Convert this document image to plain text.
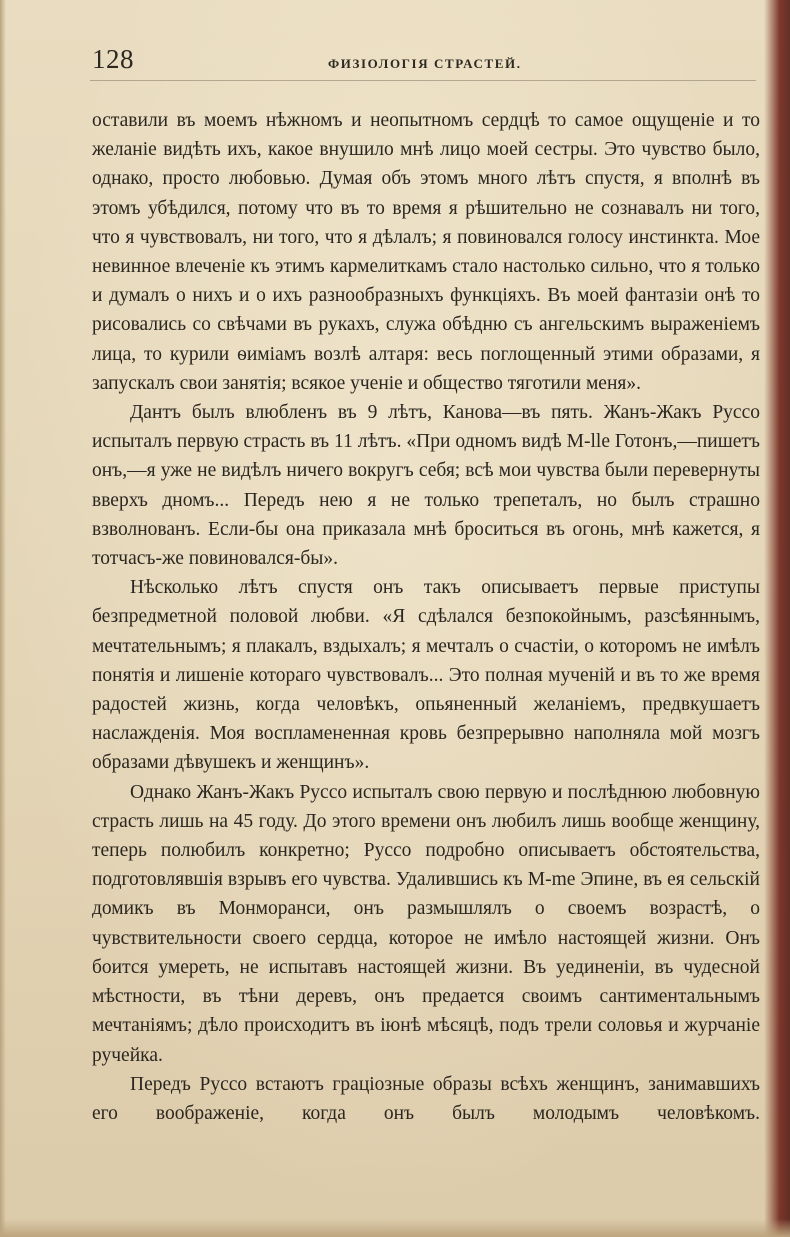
128	ФИЗІОЛОГІЯ СТРАСТЕЙ.

оставили въ моемъ нѣжномъ и неопытномъ сердцѣ то самое ощущеніе и то желаніе видѣть ихъ, какое внушило мнѣ лицо моей сестры. Это чувство было, однако, просто любовью. Думая объ этомъ много лѣтъ спустя, я вполнѣ въ этомъ убѣдился, потому что въ то время я рѣшительно не сознавалъ ни того, что я чувствовалъ, ни того, что я дѣлалъ; я повиновался голосу инстинкта. Мое невинное влеченіе къ этимъ кармелиткамъ стало настолько сильно, что я только и думалъ о нихъ и о ихъ разнообразныхъ функціяхъ. Въ моей фантазіи онѣ то рисовались со свѣчами въ рукахъ, служа обѣдню съ ангельскимъ выраженіемъ лица, то курили ѳиміамъ возлѣ алтаря: весь поглощенный этими образами, я запускалъ свои занятія; всякое ученіе и общество тяготили меня».

Дантъ былъ влюбленъ въ 9 лѣтъ, Канова—въ пять. Жанъ-Жакъ Руссо испыталъ первую страсть въ 11 лѣтъ. «При одномъ видѣ М-lle Готонъ,—пишетъ онъ,—я уже не видѣлъ ничего вокругъ себя; всѣ мои чувства были перевернуты вверхъ дномъ... Передъ нею я не только трепеталъ, но былъ страшно взволнованъ. Если-бы она приказала мнѣ броситься въ огонь, мнѣ кажется, я тотчасъ-же повиновался-бы».

Нѣсколько лѣтъ спустя онъ такъ описываетъ первые приступы безпредметной половой любви. «Я сдѣлался безпокойнымъ, разсѣяннымъ, мечтательнымъ; я плакалъ, вздыхалъ; я мечталъ о счастіи, о которомъ не имѣлъ понятія и лишеніе котораго чувствовалъ... Это полная мученій и въ то же время радостей жизнь, когда человѣкъ, опьяненный желаніемъ, предвкушаетъ наслажденія. Моя воспламененная кровь безпрерывно наполняла мой мозгъ образами дѣвушекъ и женщинъ».

Однако Жанъ-Жакъ Руссо испыталъ свою первую и послѣднюю любовную страсть лишь на 45 году. До этого времени онъ любилъ лишь вообще женщину, теперь полюбилъ конкретно; Руссо подробно описываетъ обстоятельства, подготовлявшія взрывъ его чувства. Удалившись къ М-me Эпине, въ ея сельскій домикъ въ Монморанси, онъ размышлялъ о своемъ возрастѣ, о чувствительности своего сердца, которое не имѣло настоящей жизни. Онъ боится умереть, не испытавъ настоящей жизни. Въ уединеніи, въ чудесной мѣстности, въ тѣни деревъ, онъ предается своимъ сантиментальнымъ мечтаніямъ; дѣло происходитъ въ іюнѣ мѣсяцѣ, подъ трели соловья и журчаніе ручейка.

Передъ Руссо встаютъ граціозные образы всѣхъ женщинъ, занимавшихъ его воображеніе, когда онъ былъ молодымъ человѣкомъ.
